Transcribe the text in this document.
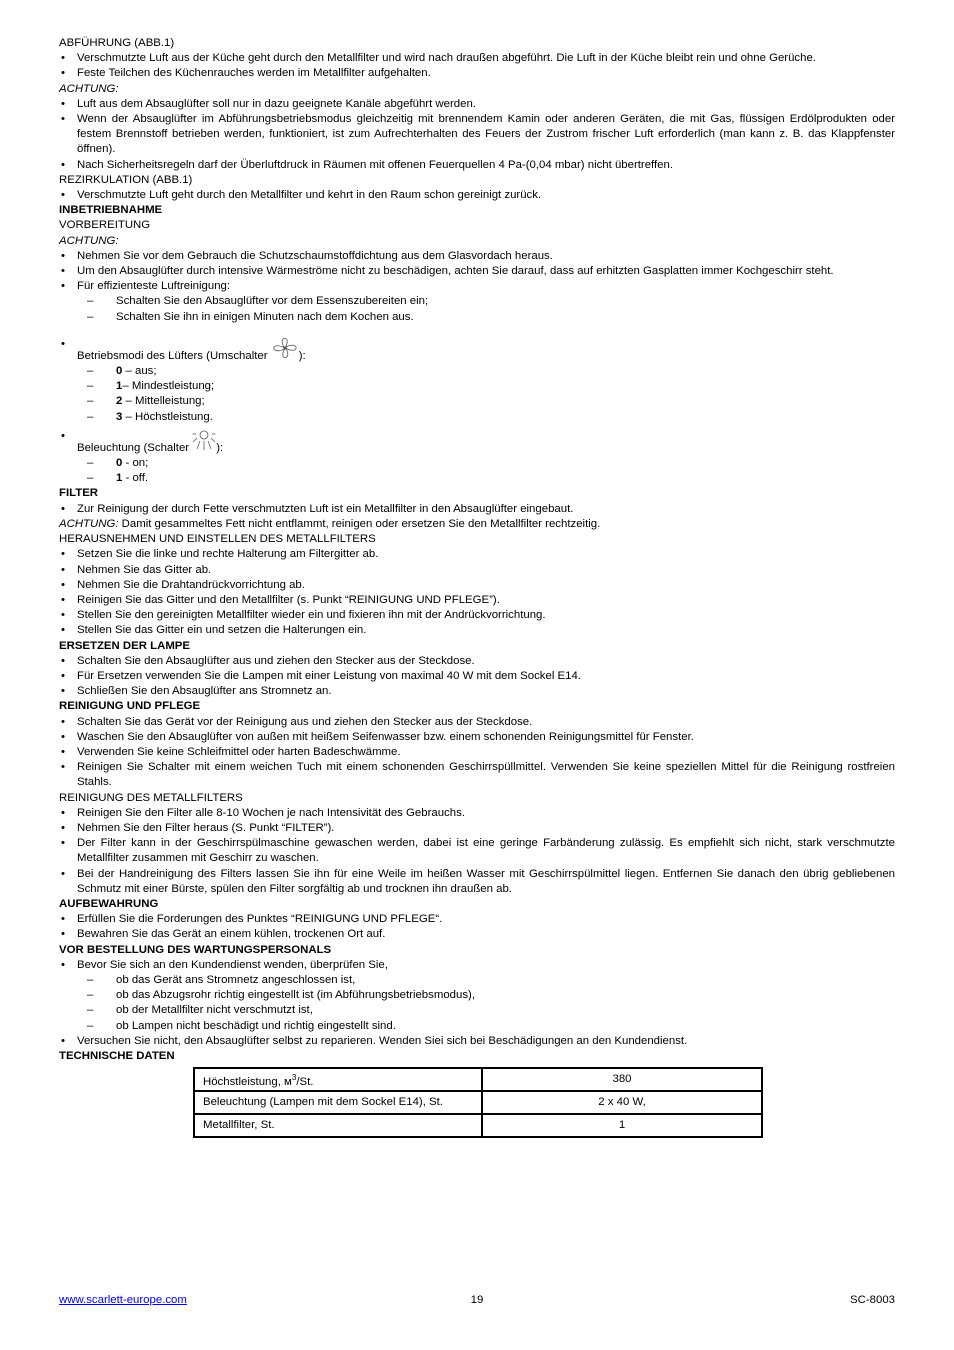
ABFÜHRUNG (ABB.1)
• Verschmutzte Luft aus der Küche geht durch den Metallfilter und wird nach draußen abgeführt. Die Luft in der Küche bleibt rein und ohne Gerüche.
• Feste Teilchen des Küchenrauches werden im Metallfilter aufgehalten.
ACHTUNG:
• Luft aus dem Absauglüfter soll nur in dazu geeignete Kanäle abgeführt werden.
• Wenn der Absauglüfter im Abführungsbetriebsmodus gleichzeitig mit brennendem Kamin oder anderen Geräten, die mit Gas, flüssigen Erdölprodukten oder festem Brennstoff betrieben werden, funktioniert, ist zum Aufrechterhalten des Feuers der Zustrom frischer Luft erforderlich (man kann z. B. das Klappfenster öffnen).
• Nach Sicherheitsregeln darf der Überluftdruck in Räumen mit offenen Feuerquellen 4 Pa-(0,04 mbar) nicht übertreffen.
REZIRKULATION (ABB.1)
• Verschmutzte Luft geht durch den Metallfilter und kehrt in den Raum schon gereinigt zurück.
INBETRIEBNAHME
VORBEREITUNG
ACHTUNG:
• Nehmen Sie vor dem Gebrauch die Schutzschaumstoffdichtung aus dem Glasvordach heraus.
• Um den Absauglüfter durch intensive Wärmeströme nicht zu beschädigen, achten Sie darauf, dass auf erhitzten Gasplatten immer Kochgeschirr steht.
• Für effizienteste Luftreinigung:
– Schalten Sie den Absauglüfter vor dem Essenszubereiten ein;
– Schalten Sie ihn in einigen Minuten nach dem Kochen aus.
• Betriebsmodi des Lüfters (Umschalter ):
– 0 – aus;
– 1– Mindestleistung;
– 2 – Mittelleistung;
– 3 – Höchstleistung.
• Beleuchtung (Schalter ):
– 0 - on;
– 1 - off.
FILTER
• Zur Reinigung der durch Fette verschmutzten Luft ist ein Metallfilter in den Absauglüfter eingebaut.
ACHTUNG: Damit gesammeltes Fett nicht entflammt, reinigen oder ersetzen Sie den Metallfilter rechtzeitig.
HERAUSNEHMEN UND EINSTELLEN DES METALLFILTERS
• Setzen Sie die linke und rechte Halterung am Filtergitter ab.
• Nehmen Sie das Gitter ab.
• Nehmen Sie die Drahtandrückvorrichtung ab.
• Reinigen Sie das Gitter und den Metallfilter (s. Punkt “REINIGUNG UND PFLEGE”).
• Stellen Sie den gereinigten Metallfilter wieder ein und fixieren ihn mit der Andrückvorrichtung.
• Stellen Sie das Gitter ein und setzen die Halterungen ein.
ERSETZEN DER LAMPE
• Schalten Sie den Absauglüfter aus und ziehen den Stecker aus der Steckdose.
• Für Ersetzen verwenden Sie die Lampen mit einer Leistung von maximal 40 W mit dem Sockel E14.
• Schließen Sie den Absauglüfter ans Stromnetz an.
REINIGUNG UND PFLEGE
• Schalten Sie das Gerät vor der Reinigung aus und ziehen den Stecker aus der Steckdose.
• Waschen Sie den Absauglüfter von außen mit heißem Seifenwasser bzw. einem schonenden Reinigungsmittel für Fenster.
• Verwenden Sie keine Schleifmittel oder harten Badeschwämme.
• Reinigen Sie Schalter mit einem weichen Tuch mit einem schonenden Geschirrspüllmittel. Verwenden Sie keine speziellen Mittel für die Reinigung rostfreien Stahls.
REINIGUNG DES METALLFILTERS
• Reinigen Sie den Filter alle 8-10 Wochen je nach Intensivität des Gebrauchs.
• Nehmen Sie den Filter heraus (S. Punkt “FILTER”).
• Der Filter kann in der Geschirrspülmaschine gewaschen werden, dabei ist eine geringe Farbänderung zulässig. Es empfiehlt sich nicht, stark verschmutzte Metallfilter zusammen mit Geschirr zu waschen.
• Bei der Handreinigung des Filters lassen Sie ihn für eine Weile im heißen Wasser mit Geschirrspülmittel liegen. Entfernen Sie danach den übrig gebliebenen Schmutz mit einer Bürste, spülen den Filter sorgfältig ab und trocknen ihn draußen ab.
AUFBEWAHRUNG
• Erfüllen Sie die Forderungen des Punktes “REINIGUNG UND PFLEGE“.
• Bewahren Sie das Gerät an einem kühlen, trockenen Ort auf.
VOR BESTELLUNG DES WARTUNGSPERSONALS
• Bevor Sie sich an den Kundendienst wenden, überprüfen Sie,
– ob das Gerät ans Stromnetz angeschlossen ist,
– ob das Abzugsrohr richtig eingestellt ist (im Abführungsbetriebsmodus),
– ob der Metallfilter nicht verschmutzt ist,
– ob Lampen nicht beschädigt und richtig eingestellt sind.
• Versuchen Sie nicht, den Absauglüfter selbst zu reparieren. Wenden Siei sich bei Beschädigungen an den Kundendienst.
TECHNISCHE DATEN
Höchstleistung, $м^3/St$.	380
Beleuchtung (Lampen mit dem Sockel E14), St.	2 x 40 W,
Metallfilter, St.	1
www.scarlett-europe.com	19	SC-8003
